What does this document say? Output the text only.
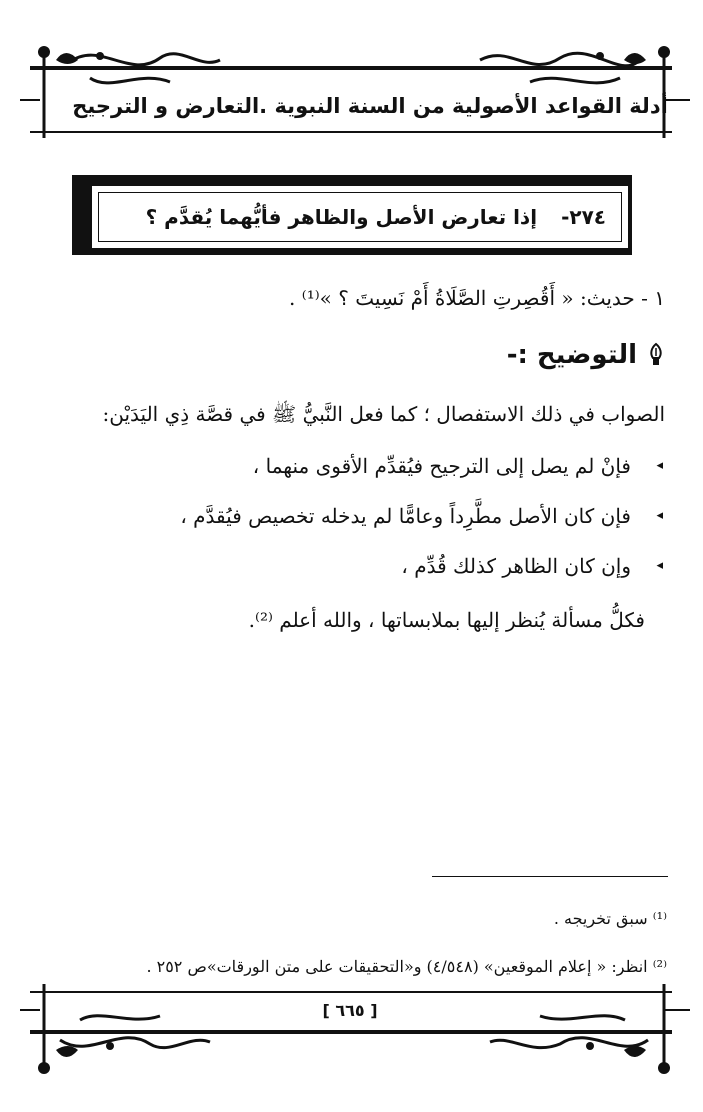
أدلة القواعد الأصولية من السنة النبوية .التعارض و الترجيح
٢٧٤-
إذا تعارض الأصل والظاهر فأيُّهما يُقدَّم ؟
١ - حديث: « أَقُصِرتِ الصَّلَاةُ أَمْ نَسِيتَ ؟ »⁽¹⁾ .
التوضيح :-
الصواب في ذلك الاستفصال ؛ كما فعل النَّبيُّ ﷺ في قصَّة ذِي اليَدَيْن:
◂
فإنْ لم يصل إلى الترجيح فيُقدِّم الأقوى منهما ،
◂
فإن كان الأصل مطَّرِداً وعامًّا لم يدخله تخصيص فيُقدَّم ،
◂
وإن كان الظاهر كذلك قُدِّم ،
فكلُّ مسألة يُنظر إليها بملابساتها ، والله أعلم ⁽²⁾.
⁽¹⁾ سبق تخريجه .
⁽²⁾ انظر: « إعلام الموقعين» (٤/٥٤٨) و«التحقيقات على متن الورقات»ص ٢٥٢ .
[ ٦٦٥ ]
